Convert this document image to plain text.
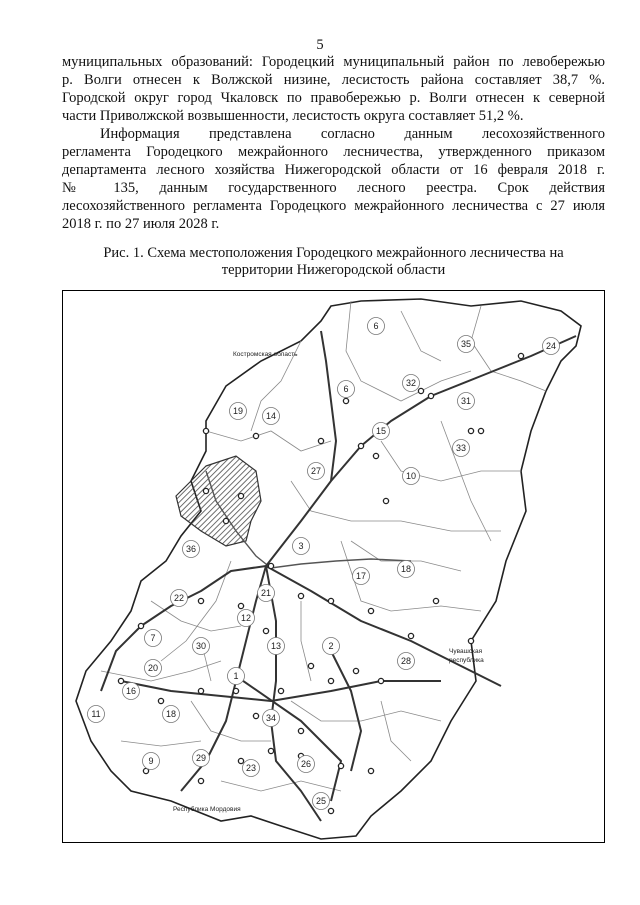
5
муниципальных образований: Городецкий муниципальный район по левобережью
р. Волги отнесен к Волжской низине, лесистость района составляет 38,7 %.
Городской округ город Чкаловск по правобережью р. Волги отнесен к северной
части Приволжской возвышенности, лесистость округа составляет 51,2 %.
Информация представлена согласно данным лесохозяйственного
регламента Городецкого межрайонного лесничества, утвержденного приказом
департамента лесного хозяйства Нижегородской области от 16 февраля 2018 г.
№ 135, данным государственного лесного реестра. Срок действия
лесохозяйственного регламента Городецкого межрайонного лесничества с 27 июля
2018 г. по 27 июля 2028 г.
Рис. 1. Схема местоположения Городецкого межрайонного лесничества на
территории Нижегородской области
Костромская область
Чувашская
республика
Республика Мордовия
6
35	24
32
6
31
19	14
15
33
27	10
3
36
17
18
21
22
12
7
30	13	2
28
20
1
16
11	18	34
9	29
23	26
25
